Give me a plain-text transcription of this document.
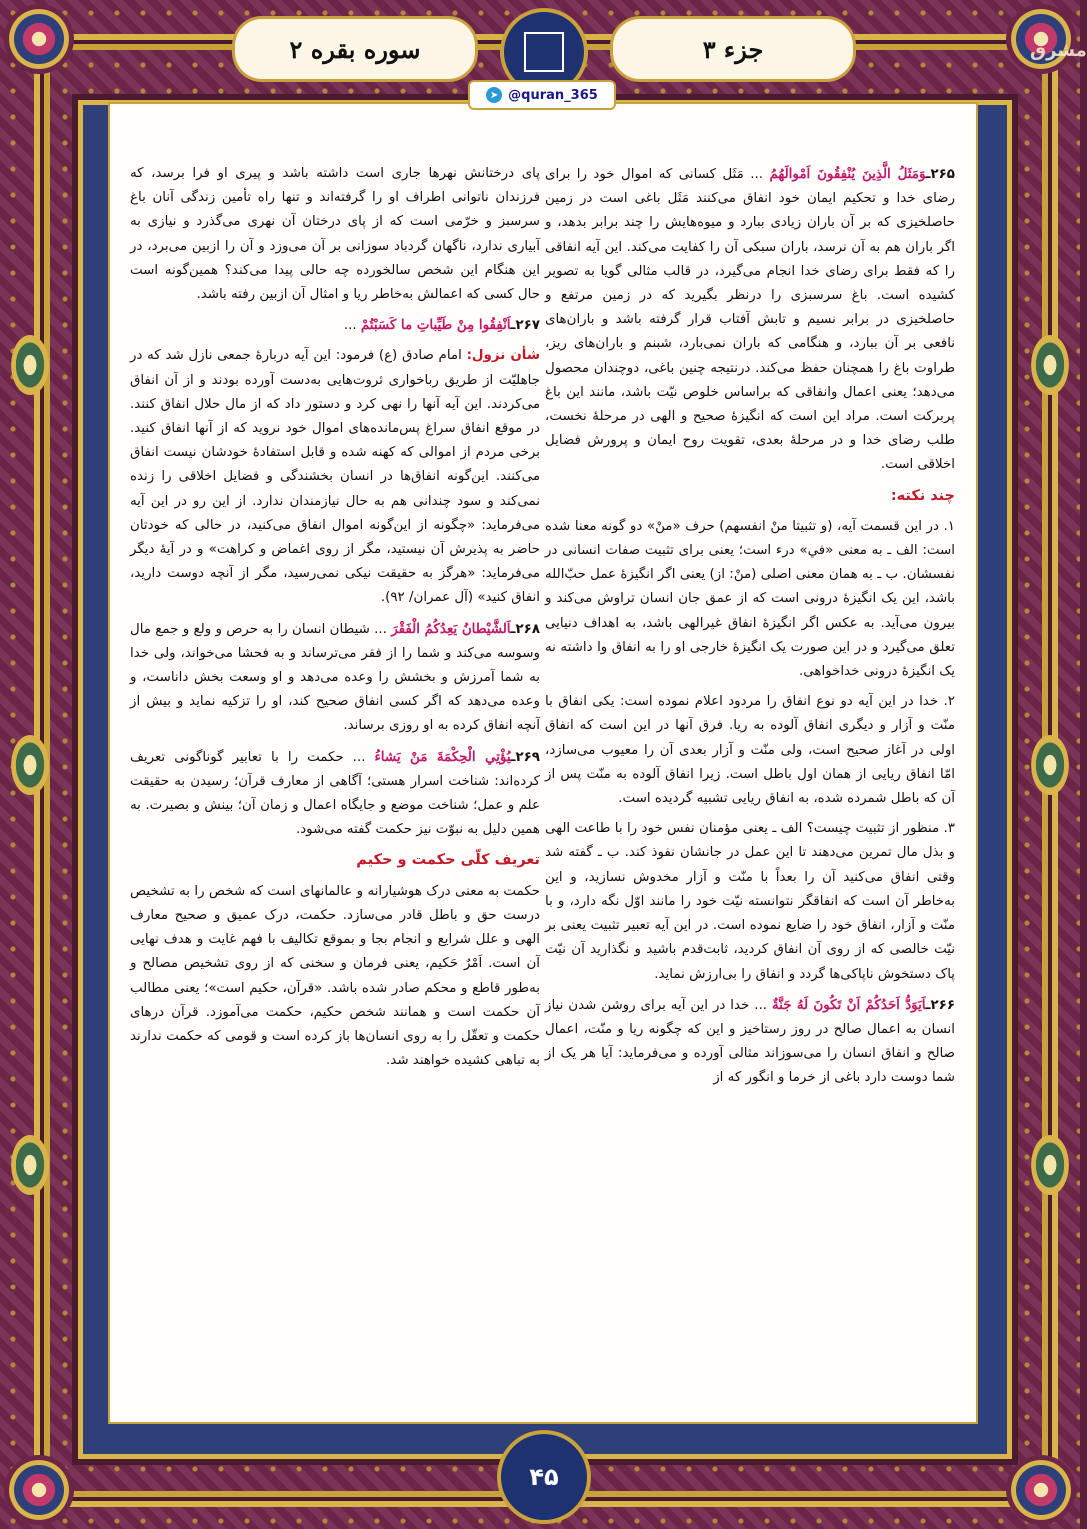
جزء ۳
سوره بقره ۲
➤ @quran_365
مشرق

۲۶۵ـوَمَثَلُ الَّذِينَ يُنْفِقُونَ اَمْوالَهُمُ ... مَثَل کسانی که اموال خود را برای رضای خدا و تحکیم ایمان خود انفاق می‌کنند مَثَل باغی است در زمین حاصلخیزی که بر آن باران زیادی ببارد و میوه‌هایش را چند برابر بدهد، و اگر باران هم به آن نرسد، باران سبکی آن را کفایت می‌کند. این آیه انفاقی را که فقط برای رضای خدا انجام می‌گیرد، در قالب مثالی گویا به تصویر کشیده است. باغ سرسبزی را درنظر بگیرید که در زمین مرتفع و حاصلخیزی در برابر نسیم و تابش آفتاب قرار گرفته باشد و باران‌های نافعی بر آن ببارد، و هنگامی که باران نمی‌بارد، شبنم و باران‌های ریز، طراوت باغ را همچنان حفظ می‌کند. درنتیجه چنین باغی، دوچندان محصول می‌دهد؛ یعنی اعمال وانفاقی که براساس خلوص نیّت باشد، مانند این باغ پربرکت است. مراد این است که انگیزهٔ صحیح و الهی در مرحلهٔ نخست، طلب رضای خدا و در مرحلهٔ بعدی، تقویت روح ایمان و پرورش فضایل اخلاقی است.

چند نکته:

۱. در این قسمت آیه، (و تثبیتا منْ انفسهم) حرف «منْ» دو گونه معنا شده است: الف ـ به معنی «في» درء است؛ یعنی برای تثبیت صفات انسانی در نفسشان. ب ـ به همان معنی اصلی (منْ: از) یعنی اگر انگیزهٔ عمل حبّ‌الله باشد، این یک انگیزهٔ درونی است که از عمق جان انسان تراوش می‌کند و بیرون می‌آید. به عکس اگر انگیزهٔ انفاق غیرالهی باشد، به اهداف دنیایی تعلق می‌گیرد و در این صورت یک انگیزهٔ خارجی او را به انفاق وا داشته نه یک انگیزهٔ درونی خداخواهی.

۲. خدا در این آیه دو نوع انفاق را مردود اعلام نموده است: یکی انفاق با منّت و آزار و دیگری انفاق آلوده به ریا. فرق آنها در این است که انفاق اولی در آغاز صحیح است، ولی منّت و آزار بعدی آن را معیوب می‌سازد، امّا انفاق ریایی از همان اول باطل است. زیرا انفاق آلوده به منّت پس از آن که باطل شمرده شده، به انفاق ریایی تشبیه گردیده است.

۳. منظور از تثبیت چیست؟ الف ـ یعنی مؤمنان نفس خود را با طاعت الهی و بذل مال تمرین می‌دهند تا این عمل در جانشان نفوذ کند. ب ـ گفته شد وقتی انفاق می‌کنید آن را بعداً با منّت و آزار مخدوش نسازید، و این به‌خاطر آن است که انفاقگر نتوانسته نیّت خود را مانند اوّل نگه دارد، و با منّت و آزار، انفاق خود را ضایع نموده است. در این آیه تعبیر تثبیت یعنی بر نیّت خالصی که از روی آن انفاق کردید، ثابت‌قدم باشید و نگذارید آن نیّت پاک دستخوش ناپاکی‌ها گردد و انفاق را بی‌ارزش نماید.

۲۶۶ـاَيَوَدُّ اَحَدُكُمْ اَنْ تَكُونَ لَهُ جَنَّةٌ ... خدا در این آیه برای روشن شدن نیاز انسان به اعمال صالح در روز رستاخیز و این که چگونه ریا و منّت، اعمال صالح و انفاق انسان را می‌سوزاند مثالی آورده و می‌فرماید: آیا هر یک از شما دوست دارد باغی از خرما و انگور که از

پای درختانش نهرها جاری است داشته باشد و پیری او فرا برسد، که فرزندان ناتوانی اطراف او را گرفته‌اند و تنها راه تأمین زندگی آنان باغ سرسبز و خرّمی است که از پای درختان آن نهری می‌گذرد و نیازی به آبیاری ندارد، ناگهان گردباد سوزانی بر آن می‌وزد و آن را ازبین می‌برد، در این هنگام این شخص سالخورده چه حالی پیدا می‌کند؟ همین‌گونه است حال کسی که اعمالش به‌خاطر ریا و امثال آن ازبین رفته باشد.

۲۶۷ـاَنْفِقُوا مِنْ طَيِّباتِ ما كَسَبْتُمْ ...

شأن نزول: امام صادق (ع) فرمود: این آیه دربارهٔ جمعی نازل شد که در جاهلیّت از طریق رباخواری ثروت‌هایی به‌دست آورده بودند و از آن انفاق می‌کردند. این آیه آنها را نهی کرد و دستور داد که از مال حلال انفاق کنند. در موقع انفاق سراغ پس‌مانده‌های اموال خود نروید که از آنها انفاق کنید. برخی مردم از اموالی که کهنه شده و قابل استفادهٔ خودشان نیست انفاق می‌کنند. این‌گونه انفاق‌ها در انسان بخشندگی و فضایل اخلاقی را زنده نمی‌کند و سود چندانی هم به حال نیازمندان ندارد. از این رو در این آیه می‌فرماید: «چگونه از این‌گونه اموال انفاق می‌کنید، در حالی که خودتان حاضر به پذیرش آن نیستید، مگر از روی اغماض و کراهت» و در آیهٔ دیگر می‌فرماید: «هرگز به حقیقت نیکی نمی‌رسید، مگر از آنچه دوست دارید، انفاق کنید» (آل عمران/ ۹۲).

۲۶۸ـاَلشَّيْطانُ يَعِدُكُمُ الْفَقْرَ ... شیطان انسان را به حرص و ولع و جمع مال وسوسه می‌کند و شما را از فقر می‌ترساند و به فحشا می‌خواند، ولی خدا به شما آمرزش و بخشش را وعده می‌دهد و او وسعت بخش داناست، و وعده می‌دهد که اگر کسی انفاق صحیح کند، او را تزکیه نماید و بیش از آنچه انفاق کرده به او روزی برساند.

۲۶۹ـيُؤْتِي الْحِكْمَةَ مَنْ يَشاءُ ... حکمت را با تعابیر گوناگونی تعریف کرده‌اند: شناخت اسرار هستی؛ آگاهی از معارف قرآن؛ رسیدن به حقیقت علم و عمل؛ شناخت موضع و جایگاه اعمال و زمان آن؛ بینش و بصیرت. به همین دلیل به نبوّت نیز حکمت گفته می‌شود.

تعریف کلّی حکمت و حکیم

حکمت به معنی درک هوشیارانه و عالمانهای است که شخص را به تشخیص درست حق و باطل قادر می‌سازد. حکمت، درک عمیق و صحیح معارف الهی و علل شرایع و انجام بجا و بموقع تکالیف با فهم غایت و هدف نهایی آن است. اَمْرٌ حَکیم، یعنی فرمان و سخنی که از روی تشخیص مصالح و به‌طور قاطع و محکم صادر شده باشد. «قرآن، حکیم است»؛ یعنی مطالب آن حکمت است و همانند شخص حکیم، حکمت می‌آموزد. قرآن درهای حکمت و تعقّل را به روی انسان‌ها باز کرده است و قومی که حکمت ندارند به تباهی کشیده خواهند شد.

۴۵
